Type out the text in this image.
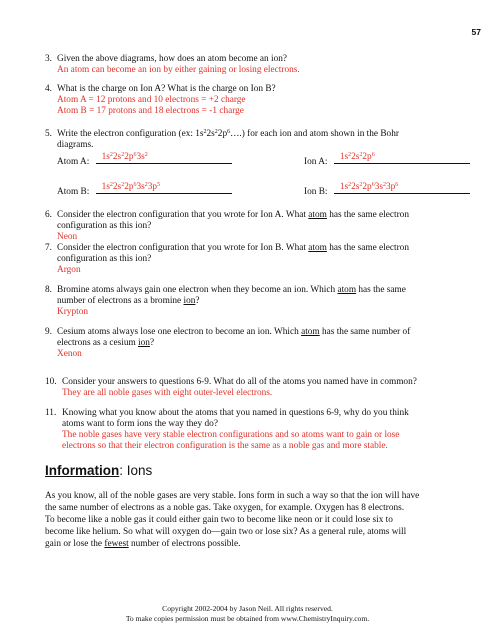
57
3. Given the above diagrams, how does an atom become an ion?
An atom can become an ion by either gaining or losing electrons.
4. What is the charge on Ion A? What is the charge on Ion B?
Atom A = 12 protons and 10 electrons = +2 charge
Atom B = 17 protons and 18 electrons = -1 charge
5. Write the electron configuration (ex: $1s^22s^22p^6\dots$.) for each ion and atom shown in the Bohr
diagrams.
Atom A: $1s^22s^22p^63s^2$
Ion A: $1s^22s^22p^6$
Atom B: $1s^22s^22p^63s^23p^5$
Ion B: $1s^22s^22p^63s^23p^6$
6. Consider the electron configuration that you wrote for Ion A. What atom has the same electron
configuration as this ion?
Neon
7. Consider the electron configuration that you wrote for Ion B. What atom has the same electron
configuration as this ion?
Argon
8. Bromine atoms always gain one electron when they become an ion. Which atom has the same
number of electrons as a bromine ion?
Krypton
9. Cesium atoms always lose one electron to become an ion. Which atom has the same number of
electrons as a cesium ion?
Xenon
10. Consider your answers to questions 6-9. What do all of the atoms you named have in common?
They are all noble gases with eight outer-level electrons.
11. Knowing what you know about the atoms that you named in questions 6-9, why do you think
atoms want to form ions the way they do?
The noble gases have very stable electron configurations and so atoms want to gain or lose
electrons so that their electron configuration is the same as a noble gas and more stable.
Information: Ions
As you know, all of the noble gases are very stable. Ions form in such a way so that the ion will have
the same number of electrons as a noble gas. Take oxygen, for example. Oxygen has 8 electrons.
To become like a noble gas it could either gain two to become like neon or it could lose six to
become like helium. So what will oxygen do—gain two or lose six? As a general rule, atoms will
gain or lose the fewest number of electrons possible.
Copyright 2002-2004 by Jason Neil. All rights reserved.
To make copies permission must be obtained from www.ChemistryInquiry.com.
